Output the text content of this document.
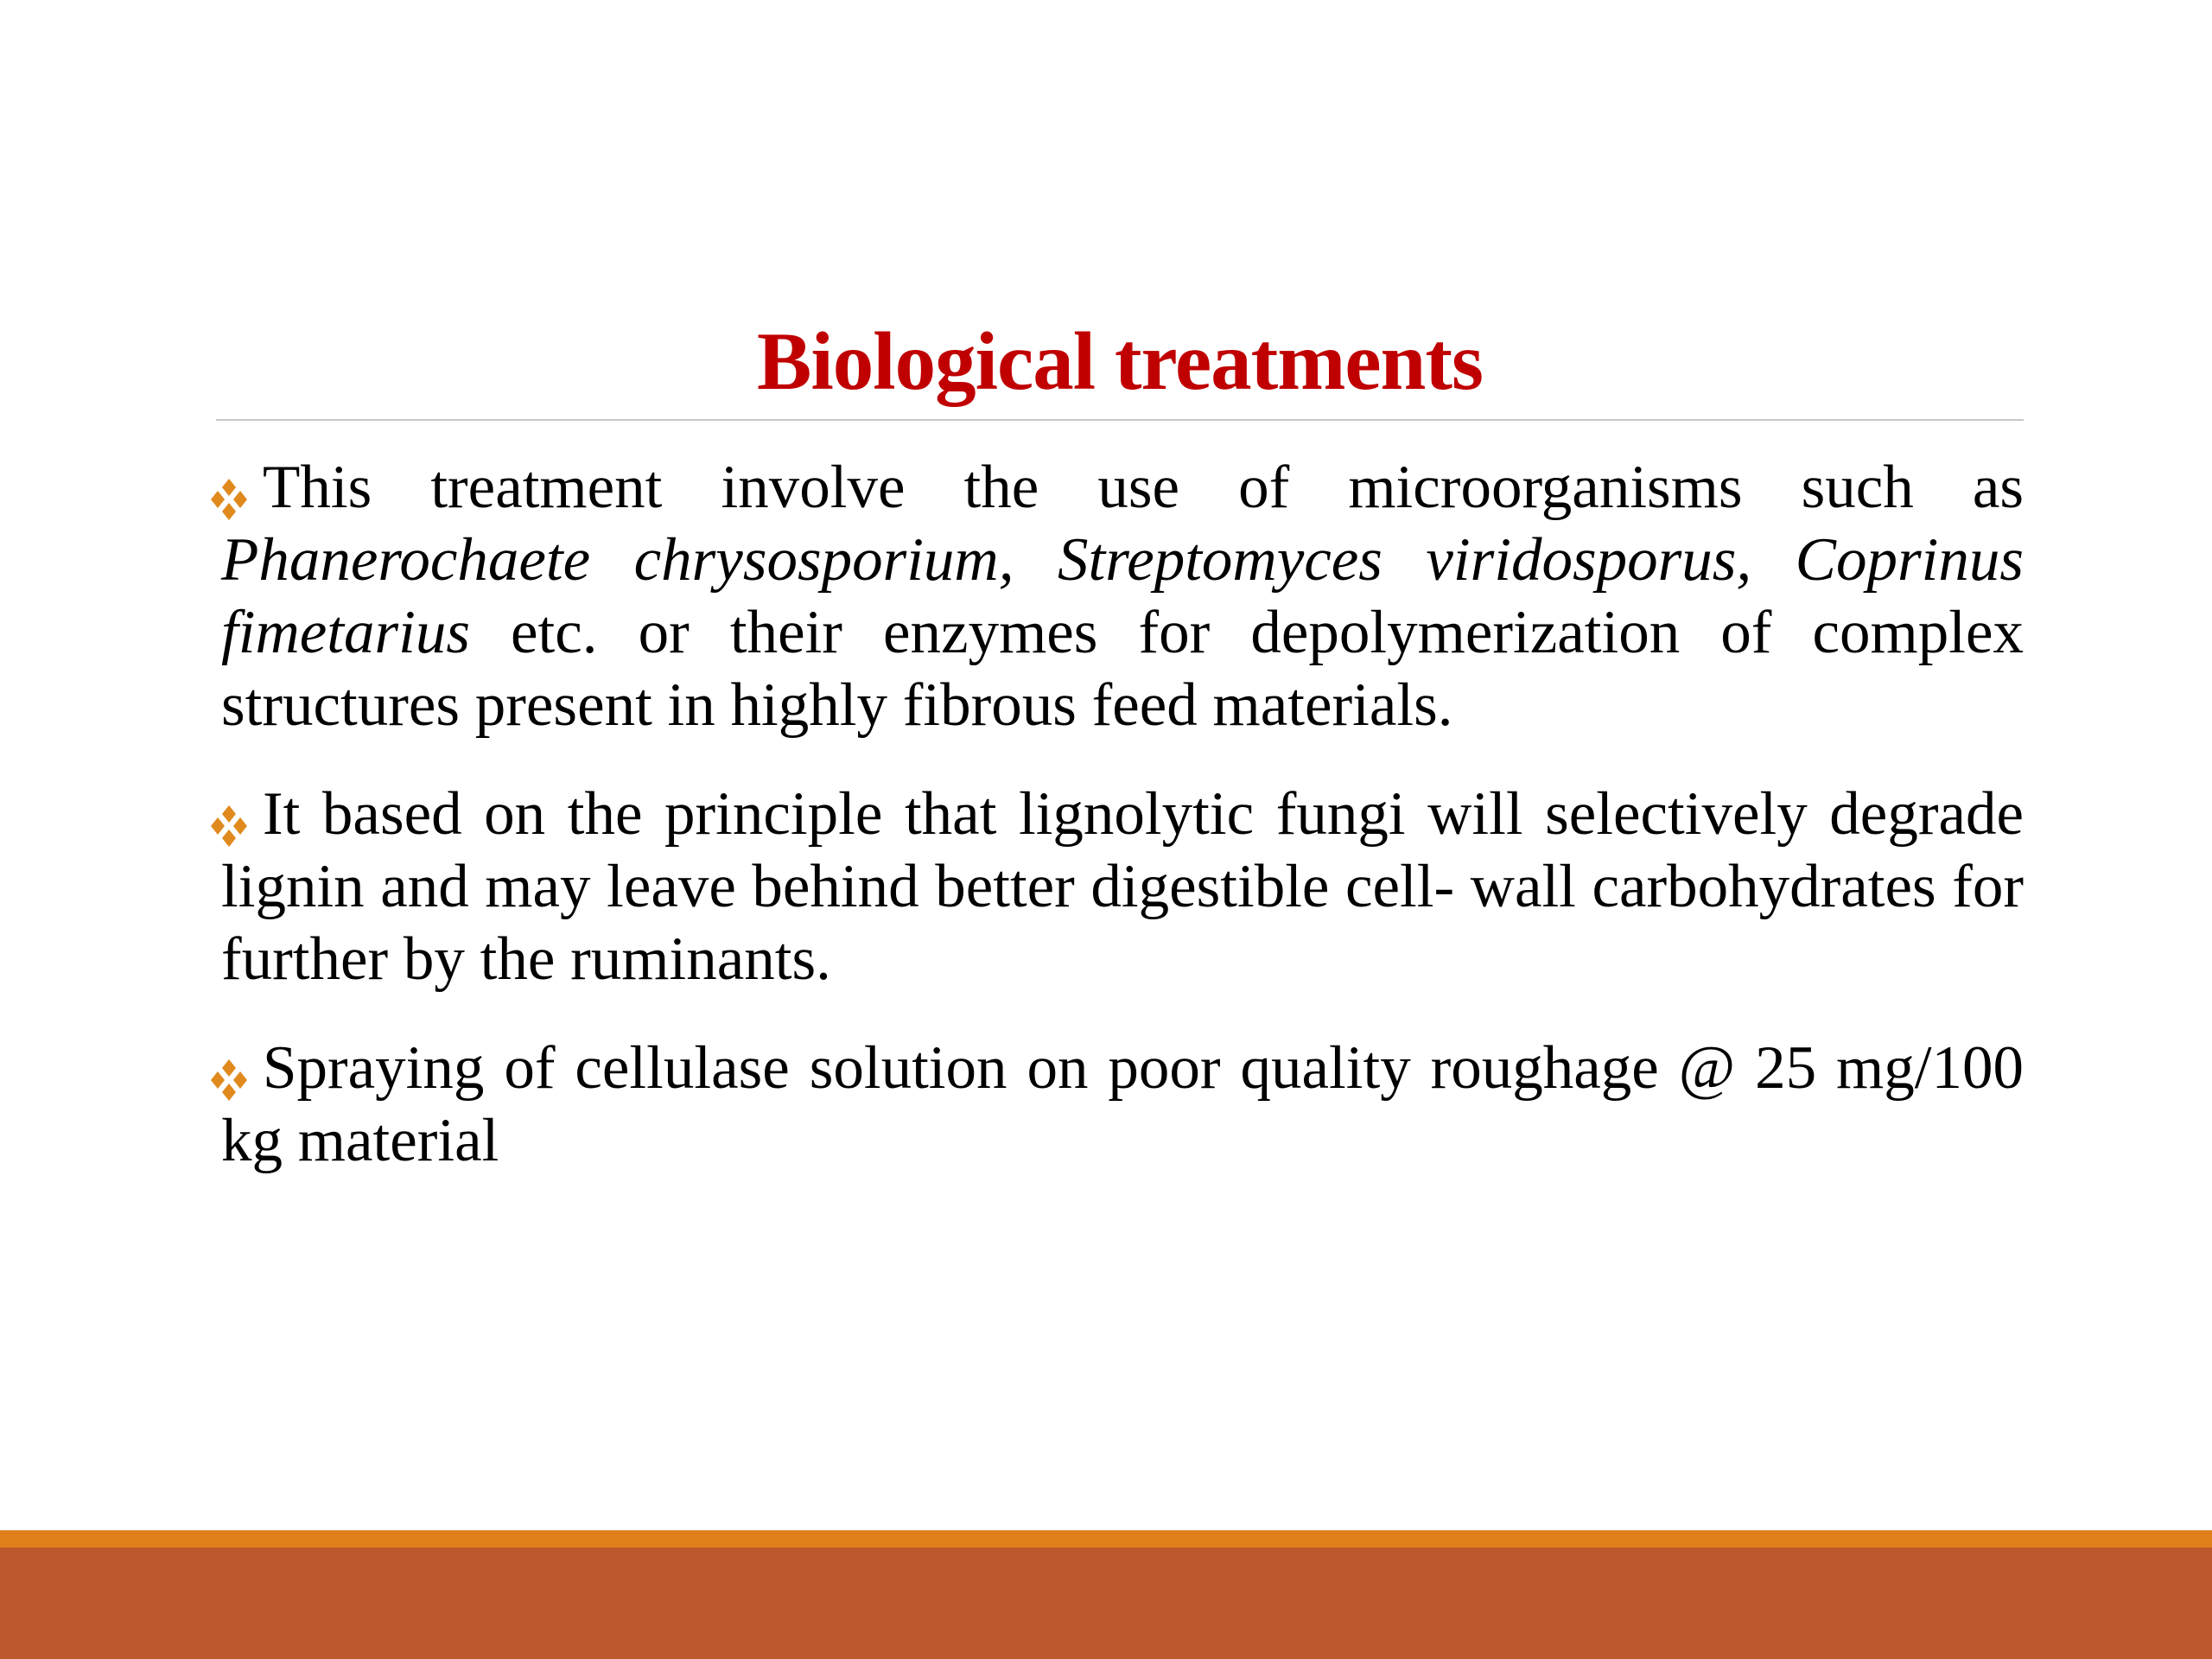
Biological treatments
This treatment involve the use of microorganisms such as Phanerochaete chrysosporium, Streptomyces viridosporus, Coprinus fimetarius etc. or their enzymes for depolymerization of complex structures present in highly fibrous feed materials.
It based on the principle that lignolytic fungi will selectively degrade lignin and may leave behind better digestible cell- wall carbohydrates for further by the ruminants.
Spraying of cellulase solution on poor quality roughage @ 25 mg/100 kg material
